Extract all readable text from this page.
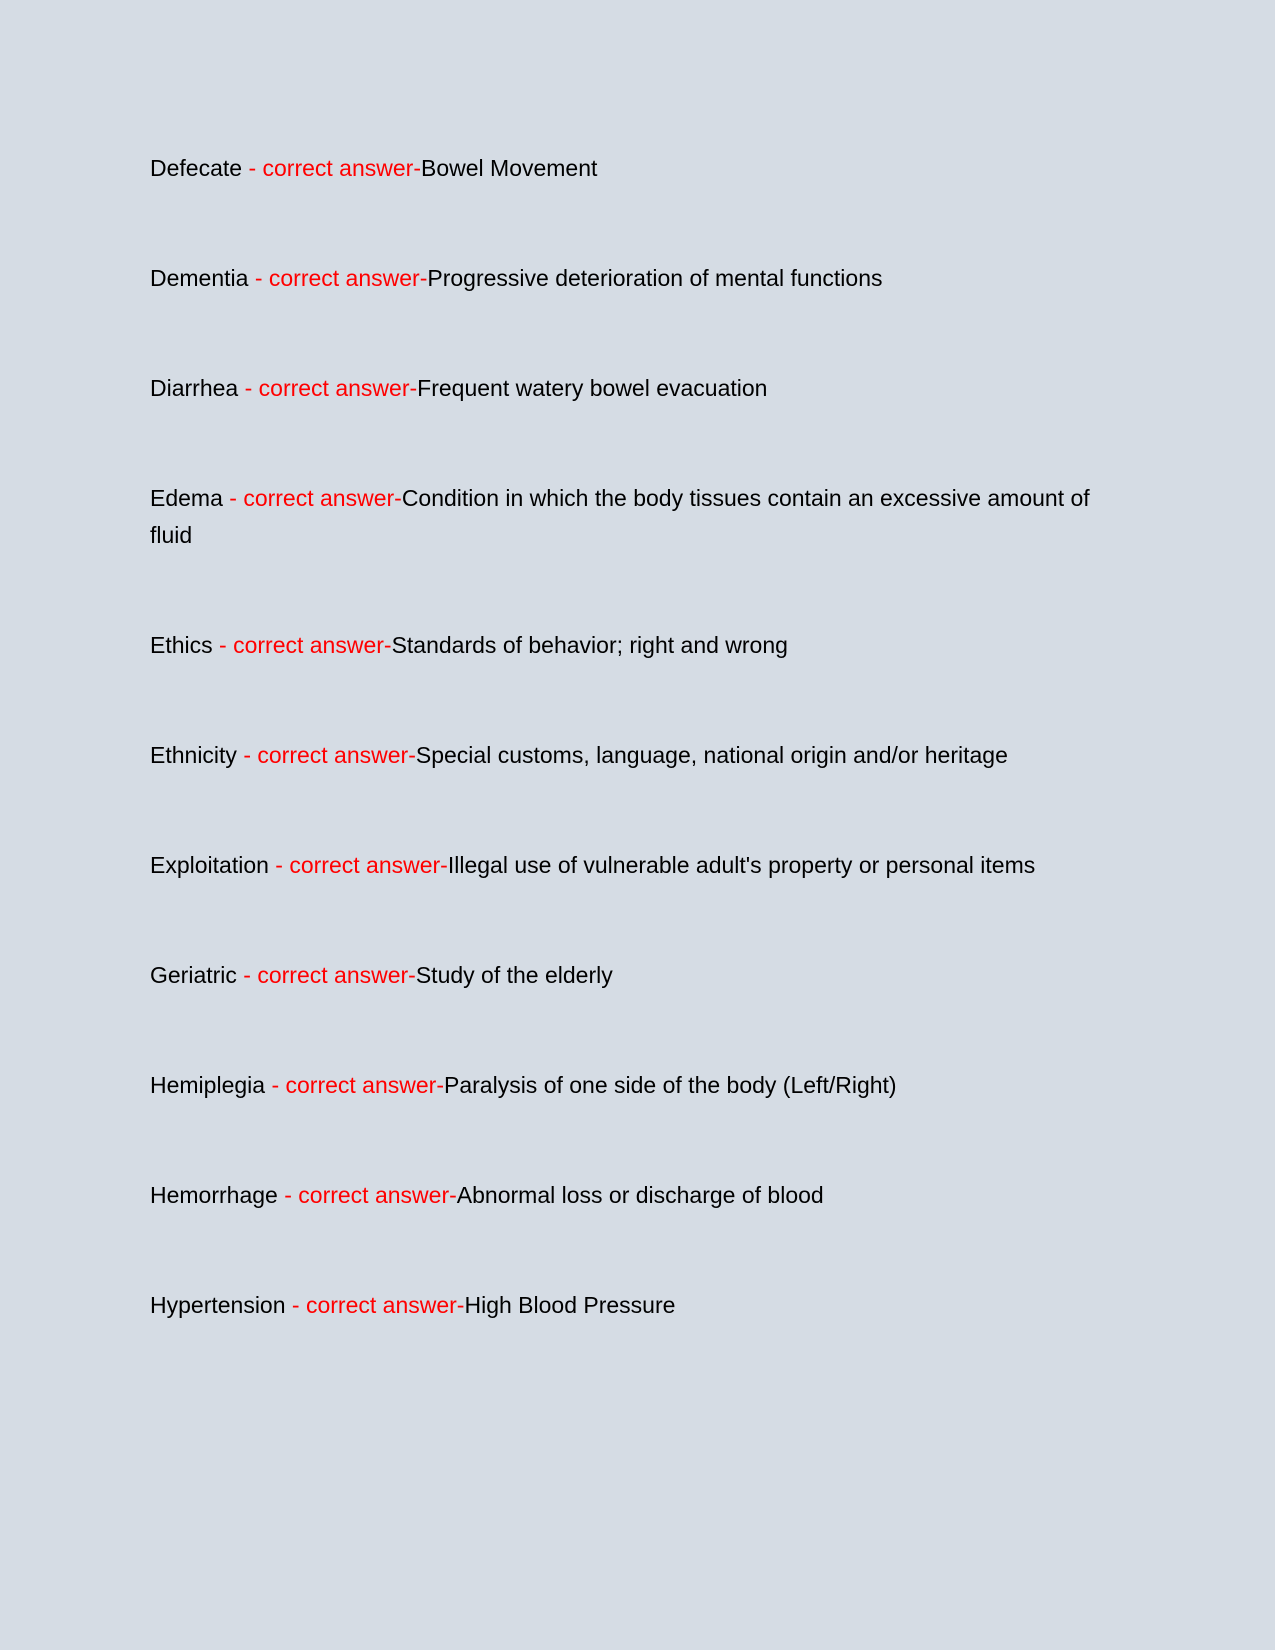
Defecate - correct answer-Bowel Movement
Dementia - correct answer-Progressive deterioration of mental functions
Diarrhea - correct answer-Frequent watery bowel evacuation
Edema - correct answer-Condition in which the body tissues contain an excessive amount of fluid
Ethics - correct answer-Standards of behavior; right and wrong
Ethnicity - correct answer-Special customs, language, national origin and/or heritage
Exploitation - correct answer-Illegal use of vulnerable adult's property or personal items
Geriatric - correct answer-Study of the elderly
Hemiplegia - correct answer-Paralysis of one side of the body (Left/Right)
Hemorrhage - correct answer-Abnormal loss or discharge of blood
Hypertension - correct answer-High Blood Pressure
